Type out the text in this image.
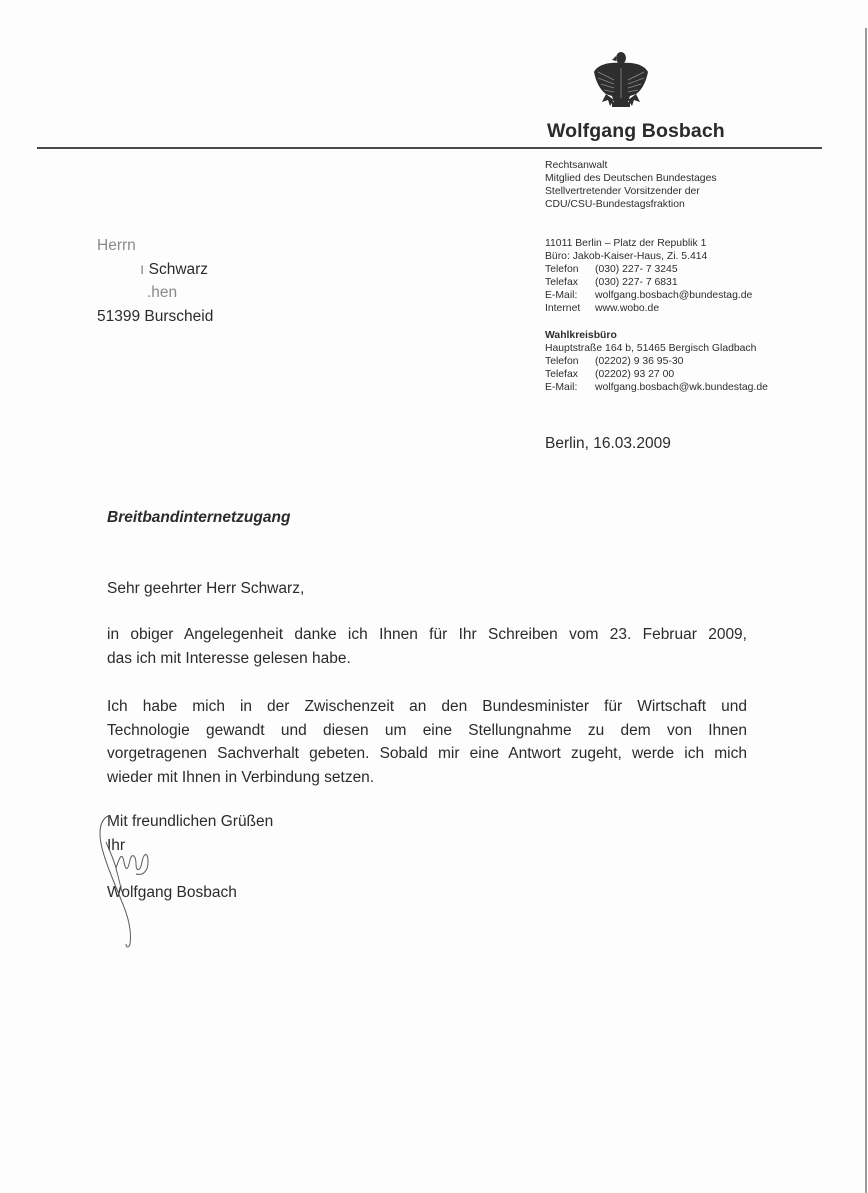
Wolfgang Bosbach
Rechtsanwalt
Mitglied des Deutschen Bundestages
Stellvertretender Vorsitzender der
CDU/CSU-Bundestagsfraktion
11011 Berlin – Platz der Republik 1
Büro: Jakob-Kaiser-Haus, Zi. 5.414
Telefon	(030) 227- 7 3245
Telefax	(030) 227- 7 6831
E-Mail:	wolfgang.bosbach@bundestag.de
Internet	www.wobo.de
Wahlkreisbüro
Hauptstraße 164 b, 51465 Bergisch Gladbach
Telefon	(02202) 9 36 95-30
Telefax	(02202) 93 27 00
E-Mail:	wolfgang.bosbach@wk.bundestag.de
Herrn
ı Schwarz
.hen
51399 Burscheid
Berlin, 16.03.2009
Breitbandinternetzugang
Sehr geehrter Herr Schwarz,

in obiger Angelegenheit danke ich Ihnen für Ihr Schreiben vom 23. Februar 2009,

das ich mit Interesse gelesen habe.

Ich habe mich in der Zwischenzeit an den Bundesminister für Wirtschaft und

Technologie gewandt und diesen um eine Stellungnahme zu dem von Ihnen

vorgetragenen Sachverhalt gebeten. Sobald mir eine Antwort zugeht, werde ich mich

wieder mit Ihnen in Verbindung setzen.

Mit freundlichen Grüßen
Ihr
Wolfgang Bosbach
